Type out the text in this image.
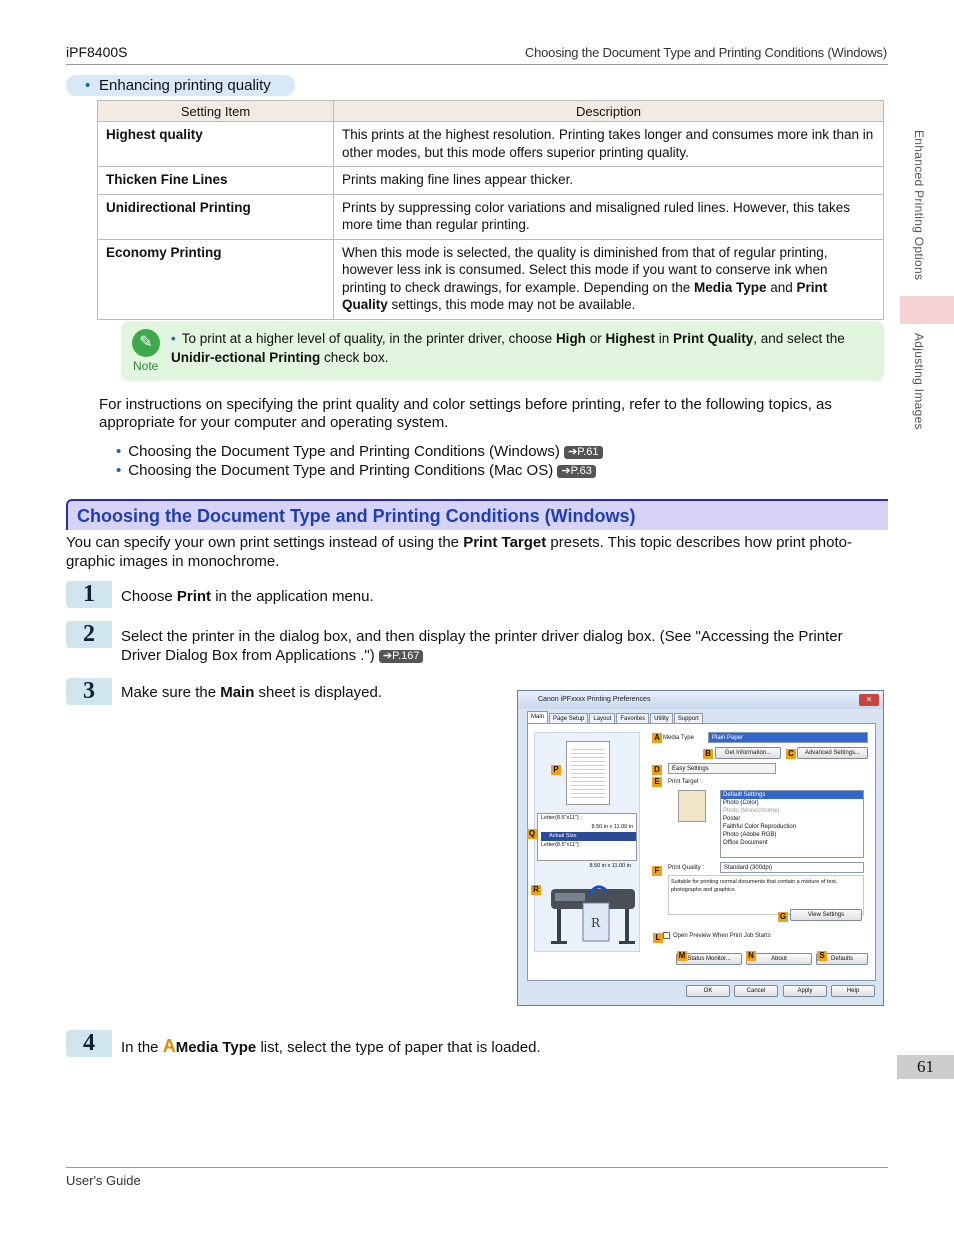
iPF8400S	Choosing the Document Type and Printing Conditions (Windows)
Enhanced Printing Options
Adjusting Images
• Enhancing printing quality
Setting Item	Description
Highest quality	This prints at the highest resolution. Printing takes longer and consumes more ink than in other modes, but this mode offers superior printing quality.
Thicken Fine Lines	Prints making fine lines appear thicker.
Unidirectional Printing	Prints by suppressing color variations and misaligned ruled lines. However, this takes more time than regular printing.
Economy Printing	When this mode is selected, the quality is diminished from that of regular printing, however less ink is consumed. Select this mode if you want to conserve ink when printing to check drawings, for example. Depending on the Media Type and Print Quality settings, this mode may not be available.
✎
Note
• To print at a higher level of quality, in the printer driver, choose High or Highest in Print Quality, and select the Unidir-ectional Printing check box.
For instructions on specifying the print quality and color settings before printing, refer to the following topics, as appropriate for your computer and operating system.
• Choosing the Document Type and Printing Conditions (Windows) ➔P.61
• Choosing the Document Type and Printing Conditions (Mac OS) ➔P.63
Choosing the Document Type and Printing Conditions (Windows)
You can specify your own print settings instead of using the Print Target presets. This topic describes how print photo-graphic images in monochrome.
1	Choose Print in the application menu.
2	Select the printer in the dialog box, and then display the printer driver dialog box. (See "Accessing the Printer Driver Dialog Box from Applications .") ➔P.167
3	Make sure the Main sheet is displayed.
4	In the AMedia Type list, select the type of paper that is loaded.
Canon iPFxxxx Printing Preferences	✕
Main	Page Setup	Layout	Favorites	Utility	Support
Letter(8.5"x11") :
8.50 in x 11.00 in
Actual Size
Letter(8.5"x11") :
8.50 in x 11.00 in
R
Media Type	Plain Paper
Get Information...	Advanced Settings...
Easy Settings
Print Target :
Default Settings
Photo (Color)
Photo (Monochrome)
Poster
Faithful Color Reproduction
Photo (Adobe RGB)
Office Document
Print Quality :	Standard (300dpi)
Suitable for printing normal documents that contain a mixture of text, photographs and graphics.
View Settings
Open Preview When Print Job Starts
Status Monitor...	About	Defaults
OK	Cancel	Apply	Help
A
B	C
D
E
F
G
L
M	N	S
P
Q
R
61
User's Guide
